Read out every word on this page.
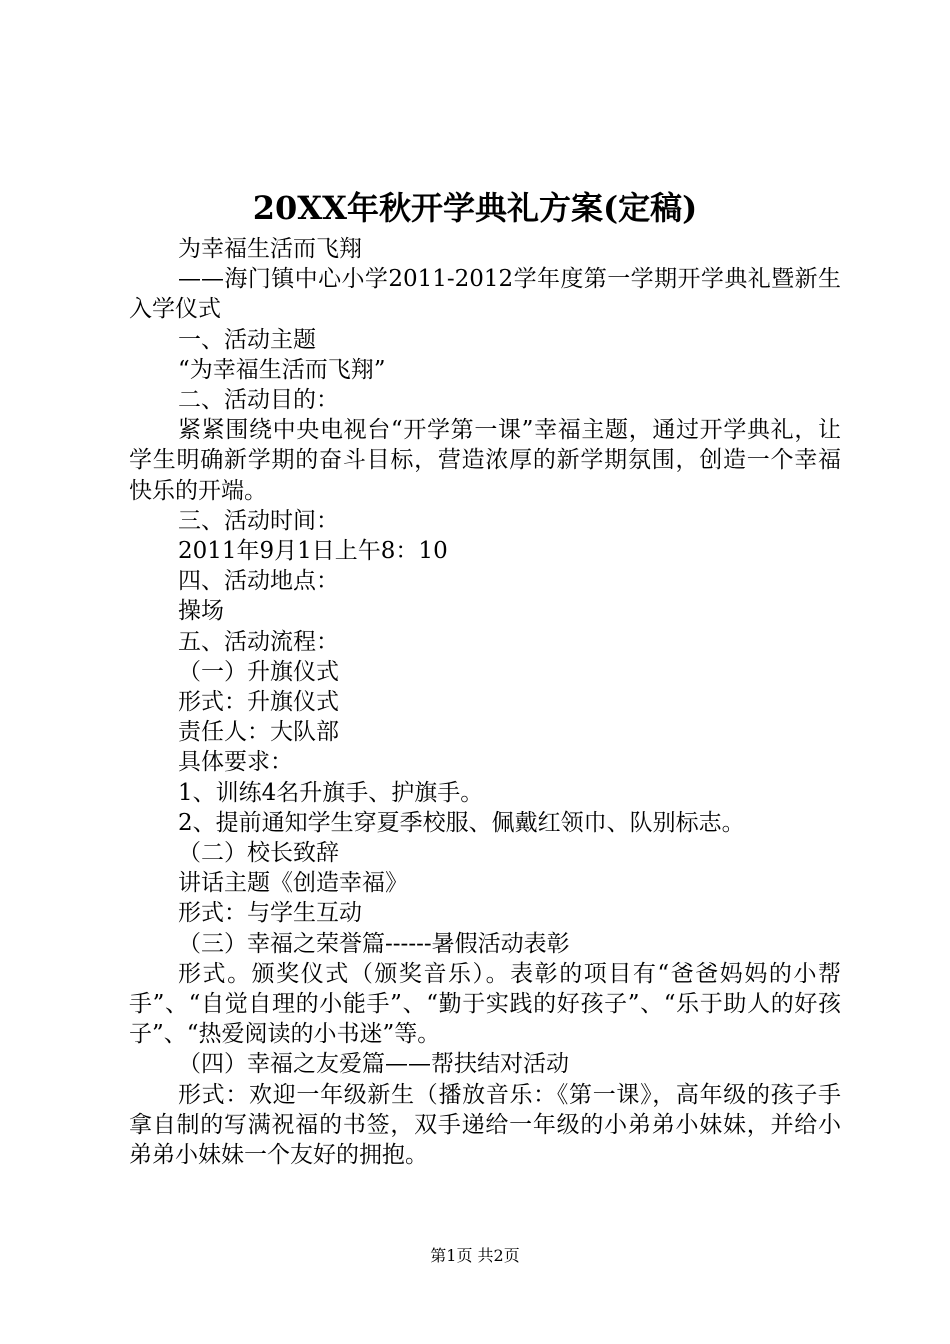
20XX年秋开学典礼方案(定稿)

为幸福生活而飞翔

——海门镇中心小学2011-2012学年度第一学期开学典礼暨新生入学仪式

一、活动主题

“为幸福生活而飞翔”

二、活动目的：

紧紧围绕中央电视台“开学第一课”幸福主题，通过开学典礼，让学生明确新学期的奋斗目标，营造浓厚的新学期氛围，创造一个幸福快乐的开端。

三、活动时间：

2011年9月1日上午8：10

四、活动地点：

操场

五、活动流程：

（一）升旗仪式

形式：升旗仪式

责任人：大队部

具体要求：

1、训练4名升旗手、护旗手。

2、提前通知学生穿夏季校服、佩戴红领巾、队别标志。

（二）校长致辞

讲话主题《创造幸福》

形式：与学生互动

（三）幸福之荣誉篇------暑假活动表彰

形式。颁奖仪式（颁奖音乐）。表彰的项目有“爸爸妈妈的小帮手”、“自觉自理的小能手”、“勤于实践的好孩子”、“乐于助人的好孩子”、“热爱阅读的小书迷”等。

（四）幸福之友爱篇——帮扶结对活动

形式：欢迎一年级新生（播放音乐：《第一课》，高年级的孩子手拿自制的写满祝福的书签，双手递给一年级的小弟弟小妹妹，并给小弟弟小妹妹一个友好的拥抱。

第1页 共2页
